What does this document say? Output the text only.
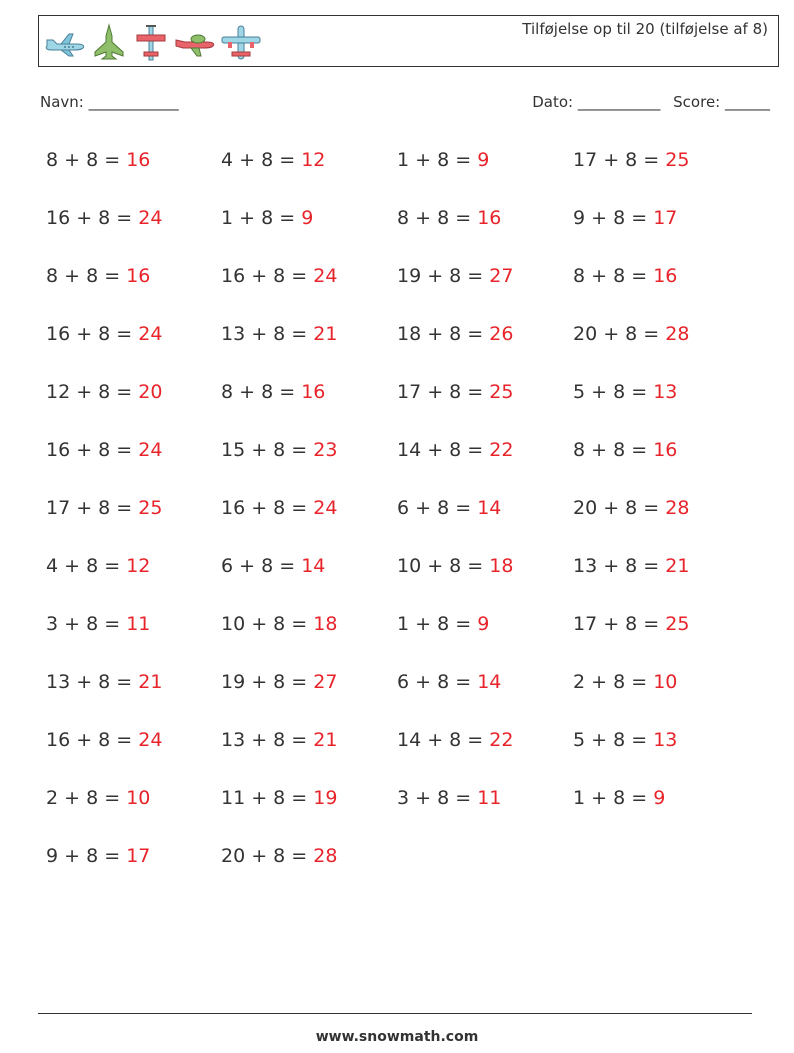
Tilføjelse op til 20 (tilføjelse af 8)
Navn: ____________	Dato: ___________ Score: ______
8 + 8 = 16
16 + 8 = 24
8 + 8 = 16
16 + 8 = 24
12 + 8 = 20
16 + 8 = 24
17 + 8 = 25
4 + 8 = 12
3 + 8 = 11
13 + 8 = 21
16 + 8 = 24
2 + 8 = 10
9 + 8 = 17
4 + 8 = 12
1 + 8 = 9
16 + 8 = 24
13 + 8 = 21
8 + 8 = 16
15 + 8 = 23
16 + 8 = 24
6 + 8 = 14
10 + 8 = 18
19 + 8 = 27
13 + 8 = 21
11 + 8 = 19
20 + 8 = 28
1 + 8 = 9
8 + 8 = 16
19 + 8 = 27
18 + 8 = 26
17 + 8 = 25
14 + 8 = 22
6 + 8 = 14
10 + 8 = 18
1 + 8 = 9
6 + 8 = 14
14 + 8 = 22
3 + 8 = 11
17 + 8 = 25
9 + 8 = 17
8 + 8 = 16
20 + 8 = 28
5 + 8 = 13
8 + 8 = 16
20 + 8 = 28
13 + 8 = 21
17 + 8 = 25
2 + 8 = 10
5 + 8 = 13
1 + 8 = 9
www.snowmath.com
